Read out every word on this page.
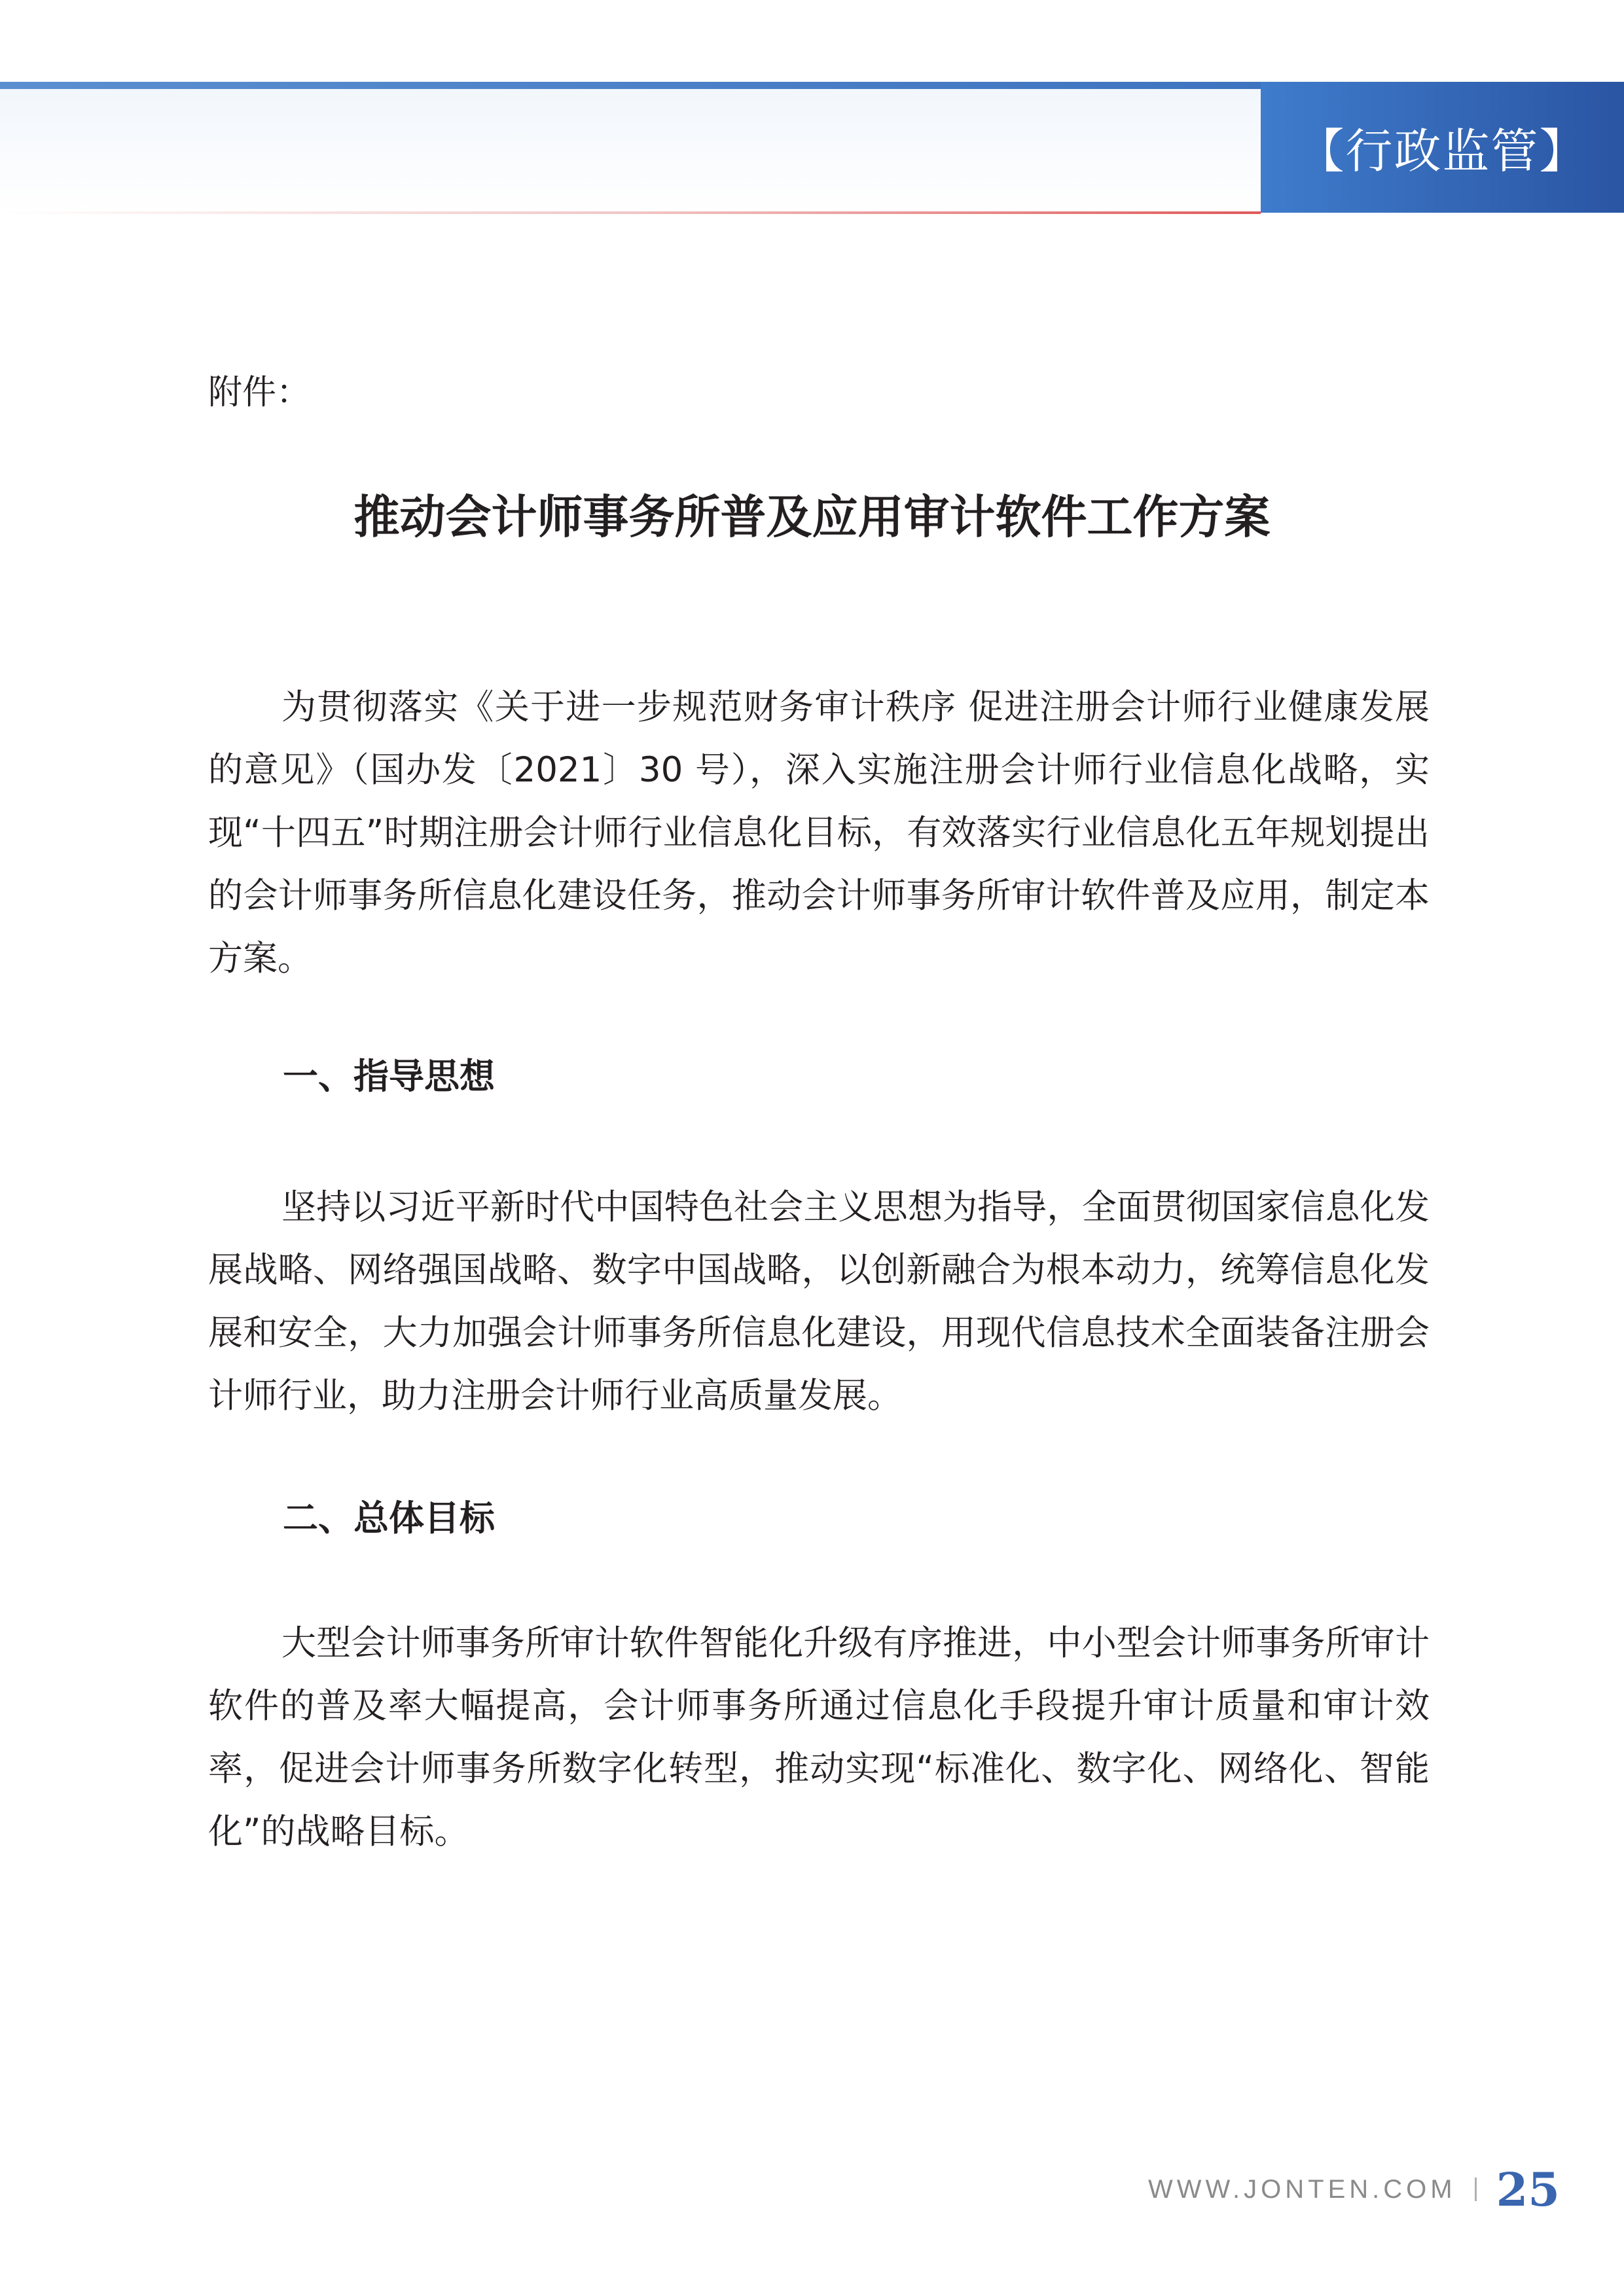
【行政监管】
附件：
推动会计师事务所普及应用审计软件工作方案

为贯彻落实《关于进一步规范财务审计秩序 促进注册会计师行业健康发展的意见》（国办发〔2021〕30 号），深入实施注册会计师行业信息化战略，实现“十四五”时期注册会计师行业信息化目标，有效落实行业信息化五年规划提出的会计师事务所信息化建设任务，推动会计师事务所审计软件普及应用，制定本方案。

一、指导思想

坚持以习近平新时代中国特色社会主义思想为指导，全面贯彻国家信息化发展战略、网络强国战略、数字中国战略，以创新融合为根本动力，统筹信息化发展和安全，大力加强会计师事务所信息化建设，用现代信息技术全面装备注册会计师行业，助力注册会计师行业高质量发展。

二、总体目标

大型会计师事务所审计软件智能化升级有序推进，中小型会计师事务所审计软件的普及率大幅提高，会计师事务所通过信息化手段提升审计质量和审计效率，促进会计师事务所数字化转型，推动实现“标准化、数字化、网络化、智能化”的战略目标。

WWW.JONTEN.COM 25
